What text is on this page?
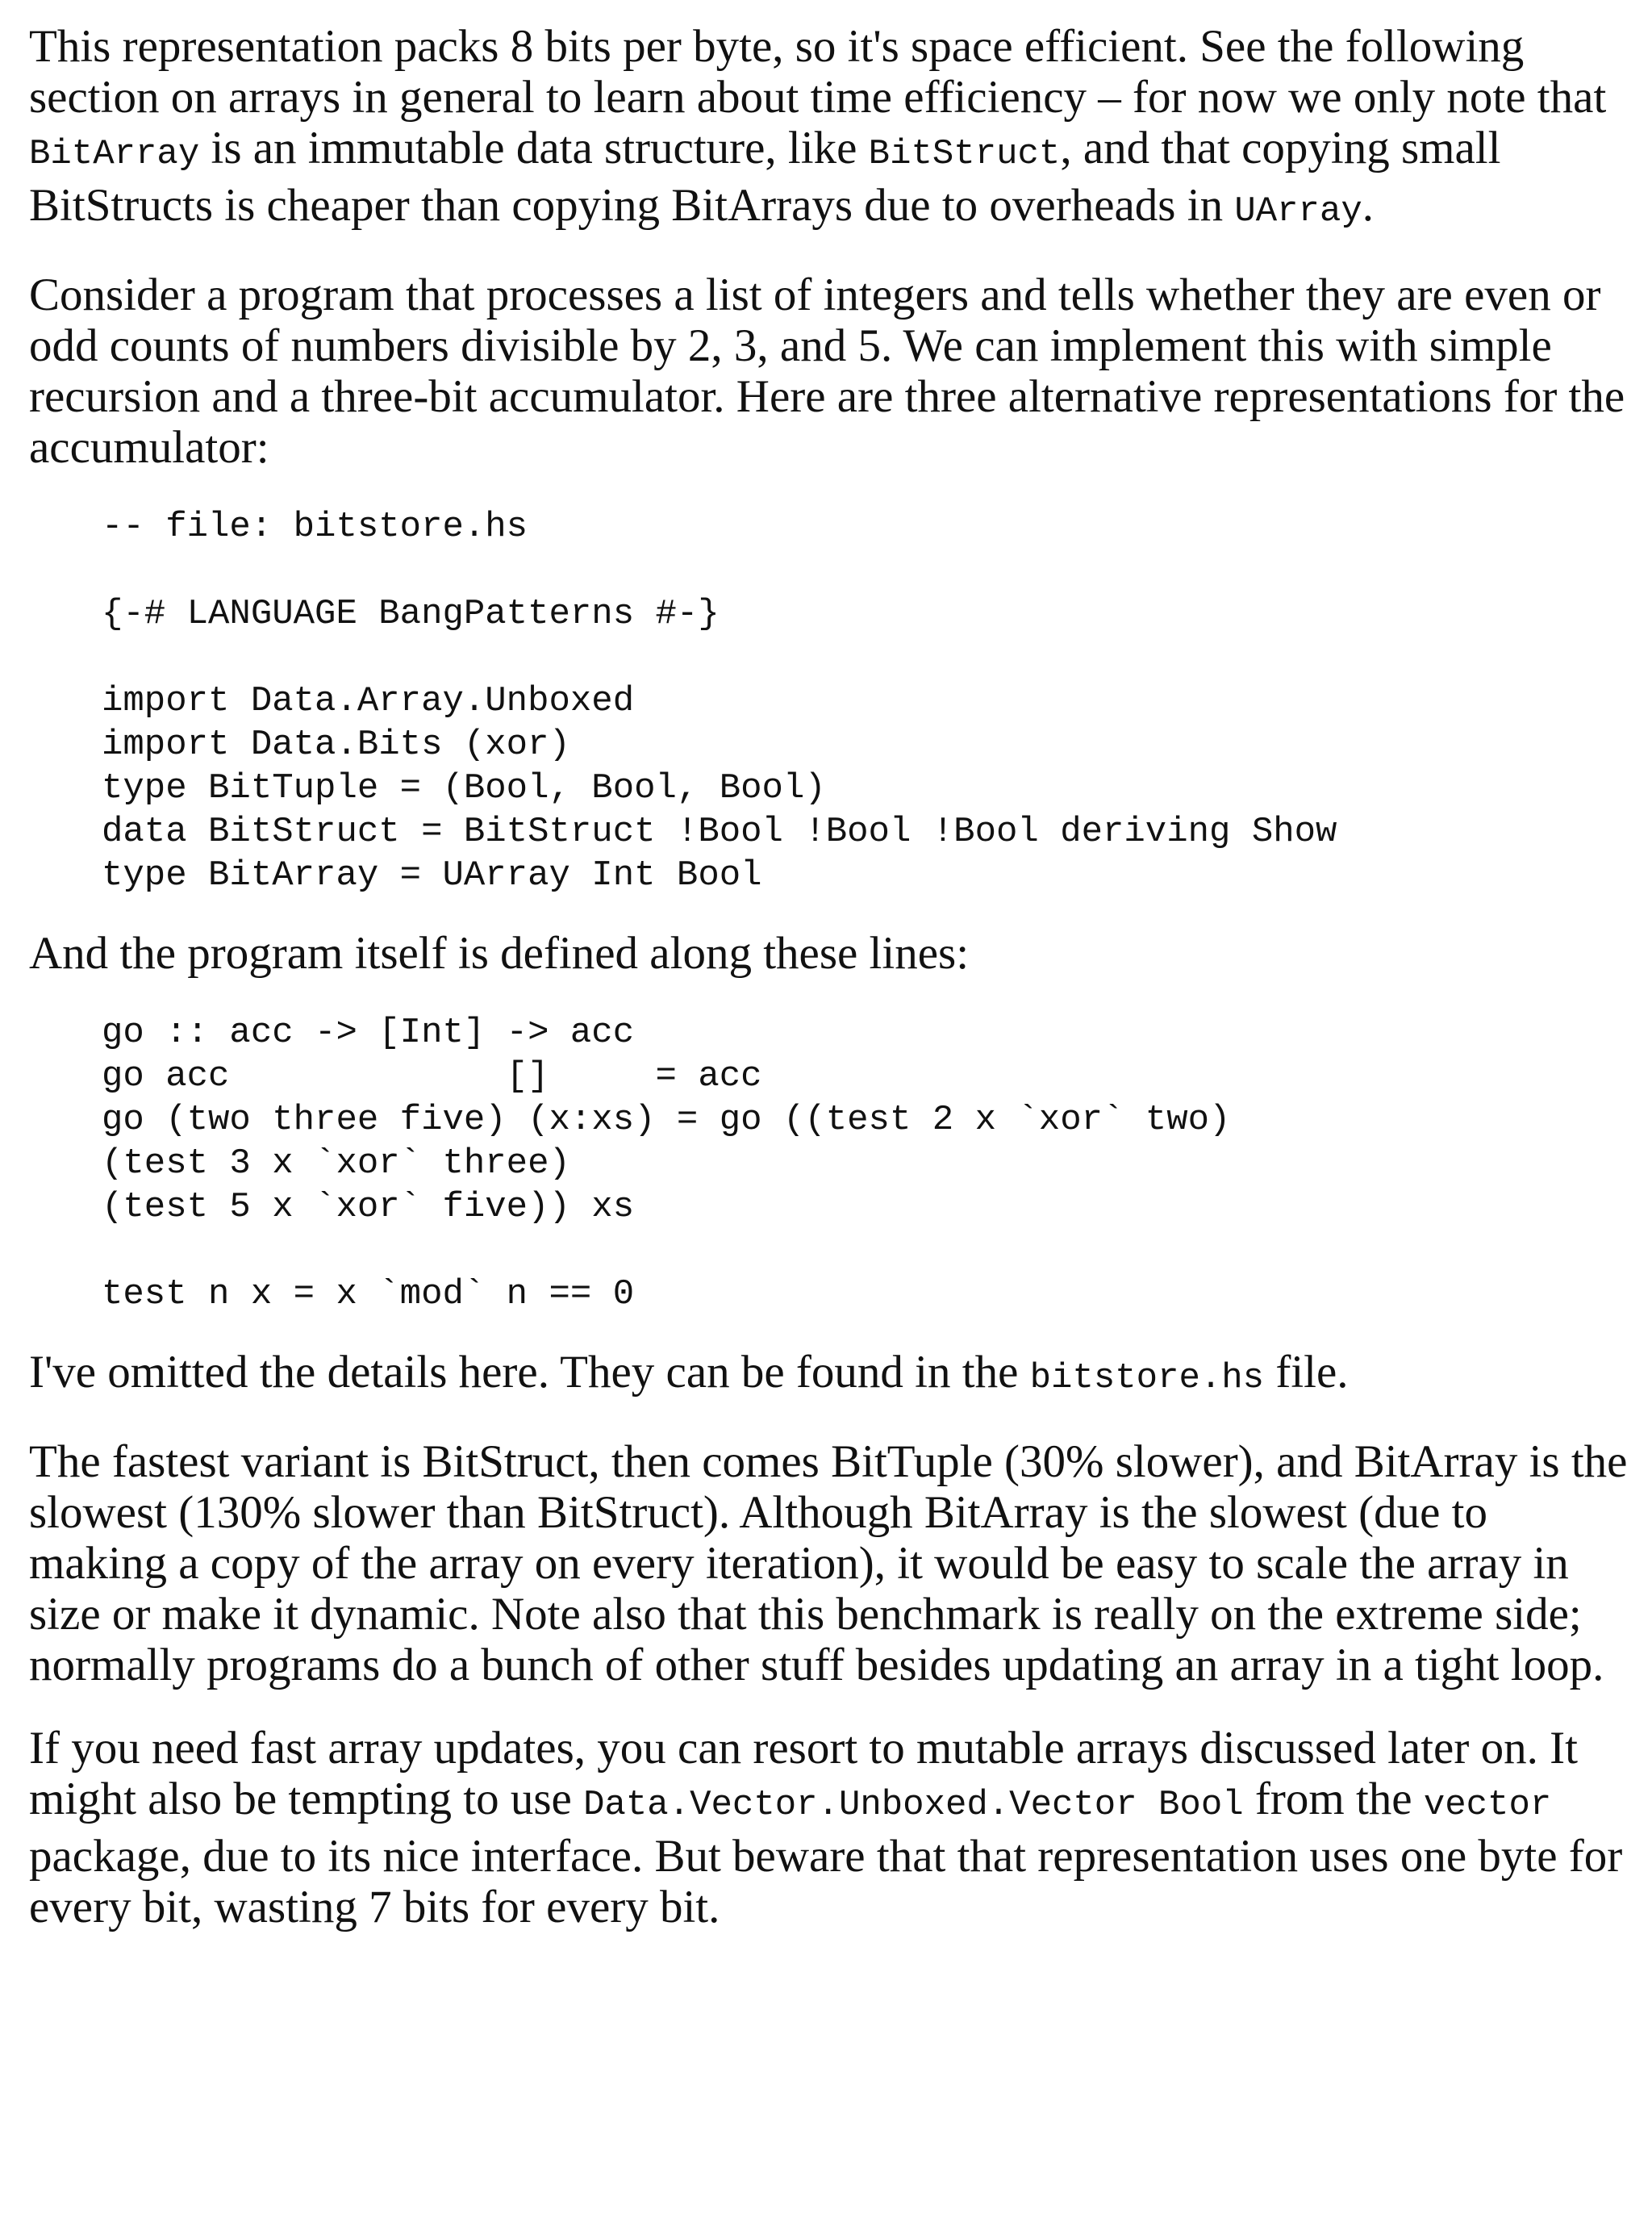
This representation packs 8 bits per byte, so it's space efficient. See the following section on arrays in general to learn about time efficiency – for now we only note that BitArray is an immutable data structure, like BitStruct, and that copying small BitStructs is cheaper than copying BitArrays due to overheads in UArray.

Consider a program that processes a list of integers and tells whether they are even or odd counts of numbers divisible by 2, 3, and 5. We can implement this with simple recursion and a three-bit accumulator. Here are three alternative representations for the accumulator:

-- file: bitstore.hs
{-# LANGUAGE BangPatterns #-}
import Data.Array.Unboxed
import Data.Bits (xor)
type BitTuple = (Bool, Bool, Bool)
data BitStruct = BitStruct !Bool !Bool !Bool deriving Show
type BitArray = UArray Int Bool

And the program itself is defined along these lines:

go :: acc -> [Int] -> acc
go acc             []     = acc
go (two three five) (x:xs) = go ((test 2 x `xor` two)
(test 3 x `xor` three)
(test 5 x `xor` five)) xs
test n x = x `mod` n == 0

I've omitted the details here. They can be found in the bitstore.hs file.

The fastest variant is BitStruct, then comes BitTuple (30% slower), and BitArray is the slowest (130% slower than BitStruct). Although BitArray is the slowest (due to making a copy of the array on every iteration), it would be easy to scale the array in size or make it dynamic. Note also that this benchmark is really on the extreme side; normally programs do a bunch of other stuff besides updating an array in a tight loop.

If you need fast array updates, you can resort to mutable arrays discussed later on. It might also be tempting to use Data.Vector.Unboxed.Vector Bool from the vector package, due to its nice interface. But beware that that representation uses one byte for every bit, wasting 7 bits for every bit.
